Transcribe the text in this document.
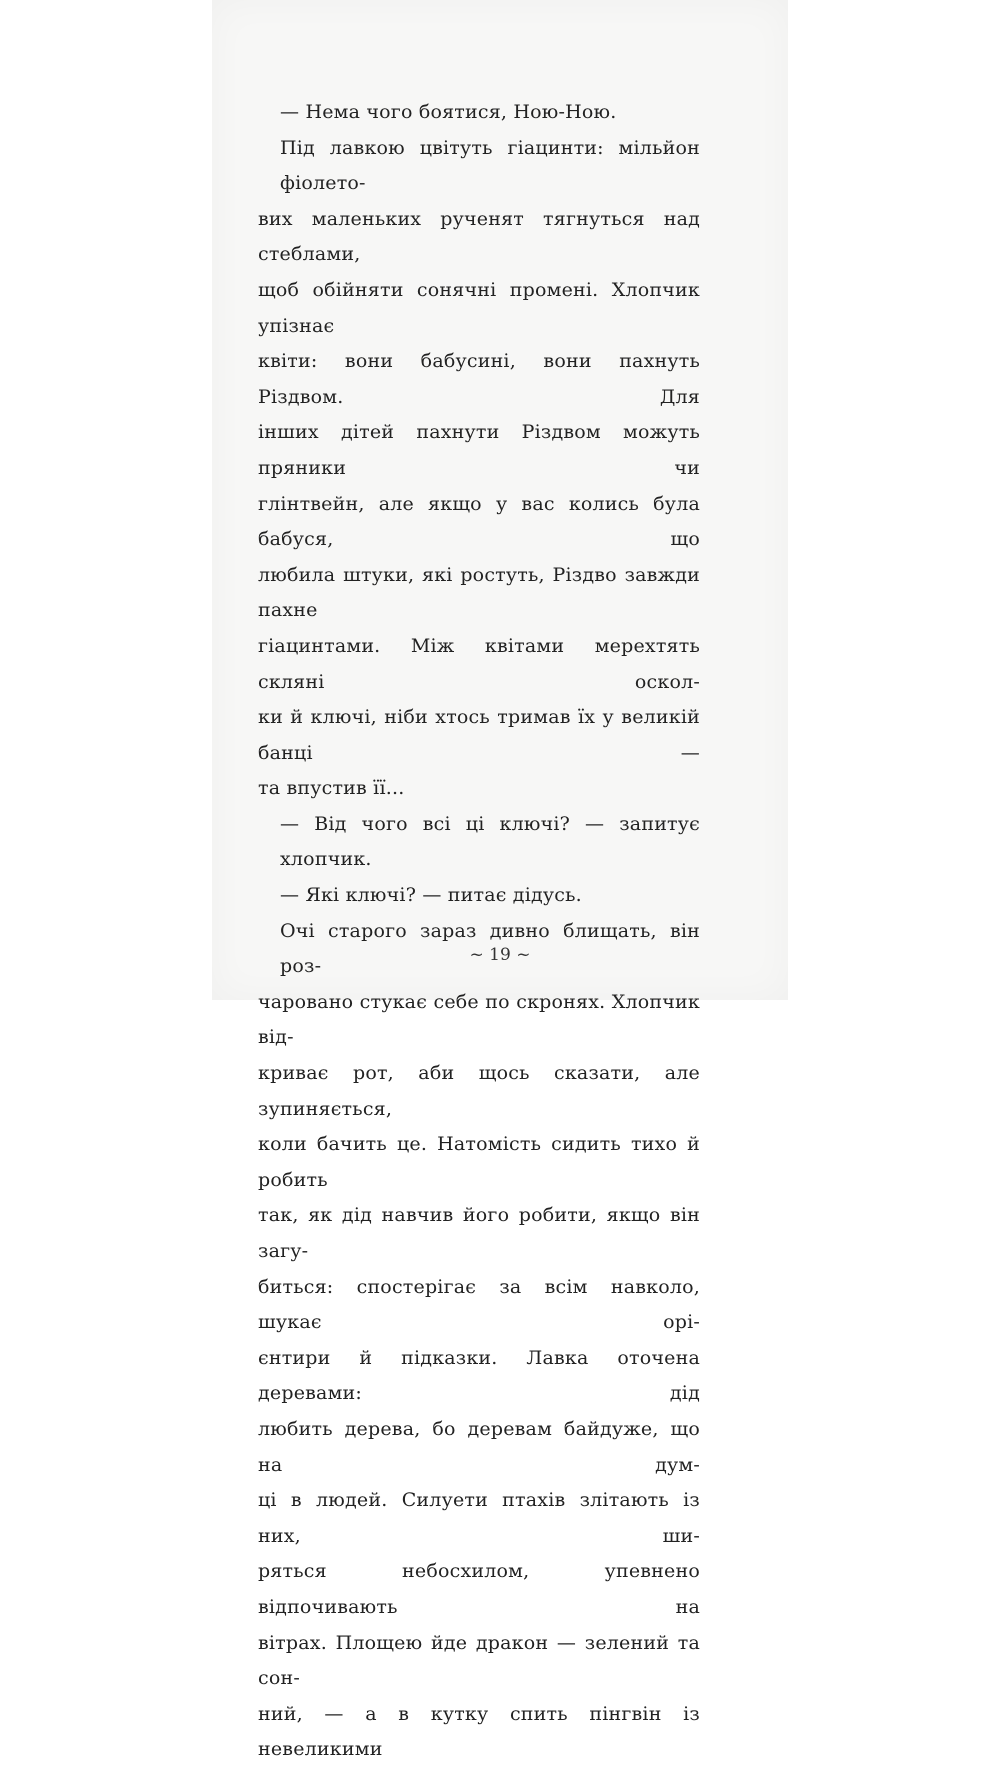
— Нема чого боятися, Ною-Ною.
Під лавкою цвітуть гіацинти: мільйон фіолето-
вих маленьких рученят тягнуться над стеблами,
щоб обійняти сонячні промені. Хлопчик упізнає
квіти: вони бабусині, вони пахнуть Різдвом. Для
інших дітей пахнути Різдвом можуть пряники чи
глінтвейн, але якщо у вас колись була бабуся, що
любила штуки, які ростуть, Різдво завжди пахне
гіацинтами. Між квітами мерехтять скляні оскол-
ки й ключі, ніби хтось тримав їх у великій банці —
та впустив її...
— Від чого всі ці ключі? — запитує хлопчик.
— Які ключі? — питає дідусь.
Очі старого зараз дивно блищать, він роз-
чаровано стукає себе по скронях. Хлопчик від-
криває рот, аби щось сказати, але зупиняється,
коли бачить це. Натомість сидить тихо й робить
так, як дід навчив його робити, якщо він загу-
биться: спостерігає за всім навколо, шукає орі-
єнтири й підказки. Лавка оточена деревами: дід
любить дерева, бо деревам байдуже, що на дум-
ці в людей. Силуети птахів злітають із них, ши-
ряться небосхилом, упевнено відпочивають на
вітрах. Площею йде дракон — зелений та сон-
ний, — а в кутку спить пінгвін із невеликими
~ 19 ~
